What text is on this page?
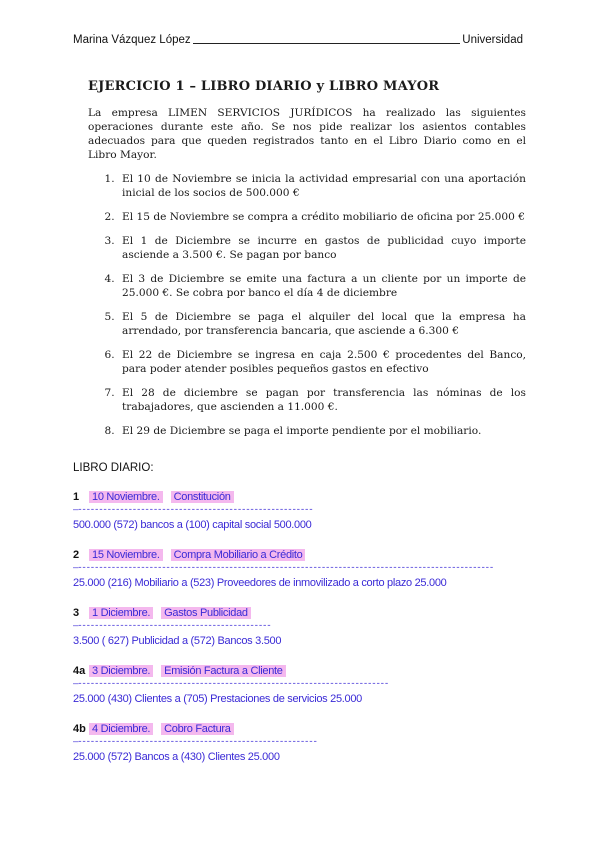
Marina Vázquez López	Universidad
EJERCICIO 1 – LIBRO DIARIO y LIBRO MAYOR

La empresa LIMEN SERVICIOS JURÍDICOS ha realizado las siguientes operaciones durante este año. Se nos pide realizar los asientos contables adecuados para que queden registrados tanto en el Libro Diario como en el Libro Mayor.

1. El 10 de Noviembre se inicia la actividad empresarial con una aportación inicial de los socios de 500.000 €
2. El 15 de Noviembre se compra a crédito mobiliario de oficina por 25.000 €
3. El 1 de Diciembre se incurre en gastos de publicidad cuyo importe asciende a 3.500 €. Se pagan por banco
4. El 3 de Diciembre se emite una factura a un cliente por un importe de 25.000 €. Se cobra por banco el día 4 de diciembre
5. El 5 de Diciembre se paga el alquiler del local que la empresa ha arrendado, por transferencia bancaria, que asciende a 6.300 €
6. El 22 de Diciembre se ingresa en caja 2.500 € procedentes del Banco, para poder atender posibles pequeños gastos en efectivo
7. El 28 de diciembre se pagan por transferencia las nóminas de los trabajadores, que ascienden a 11.000 €.
8. El 29 de Diciembre se paga el importe pendiente por el mobiliario.
LIBRO DIARIO:
1	10 Noviembre. Constitución
—--------------------------------------------------------
500.000 (572) bancos a (100) capital social 500.000
2	15 Noviembre. Compra Mobiliario a Crédito
—---------------------------------------------------------------------------------------------------
25.000 (216) Mobiliario a (523) Proveedores de inmovilizado a corto plazo 25.000
3	1 Diciembre. Gastos Publicidad
—----------------------------------------------
3.500 ( 627) Publicidad a (572) Bancos 3.500
4a 3 Diciembre. Emisión Factura a Cliente
—--------------------------------------------------------------------------
25.000 (430) Clientes a (705) Prestaciones de servicios 25.000
4b 4 Diciembre. Cobro Factura
—---------------------------------------------------------
25.000 (572) Bancos a (430) Clientes 25.000
